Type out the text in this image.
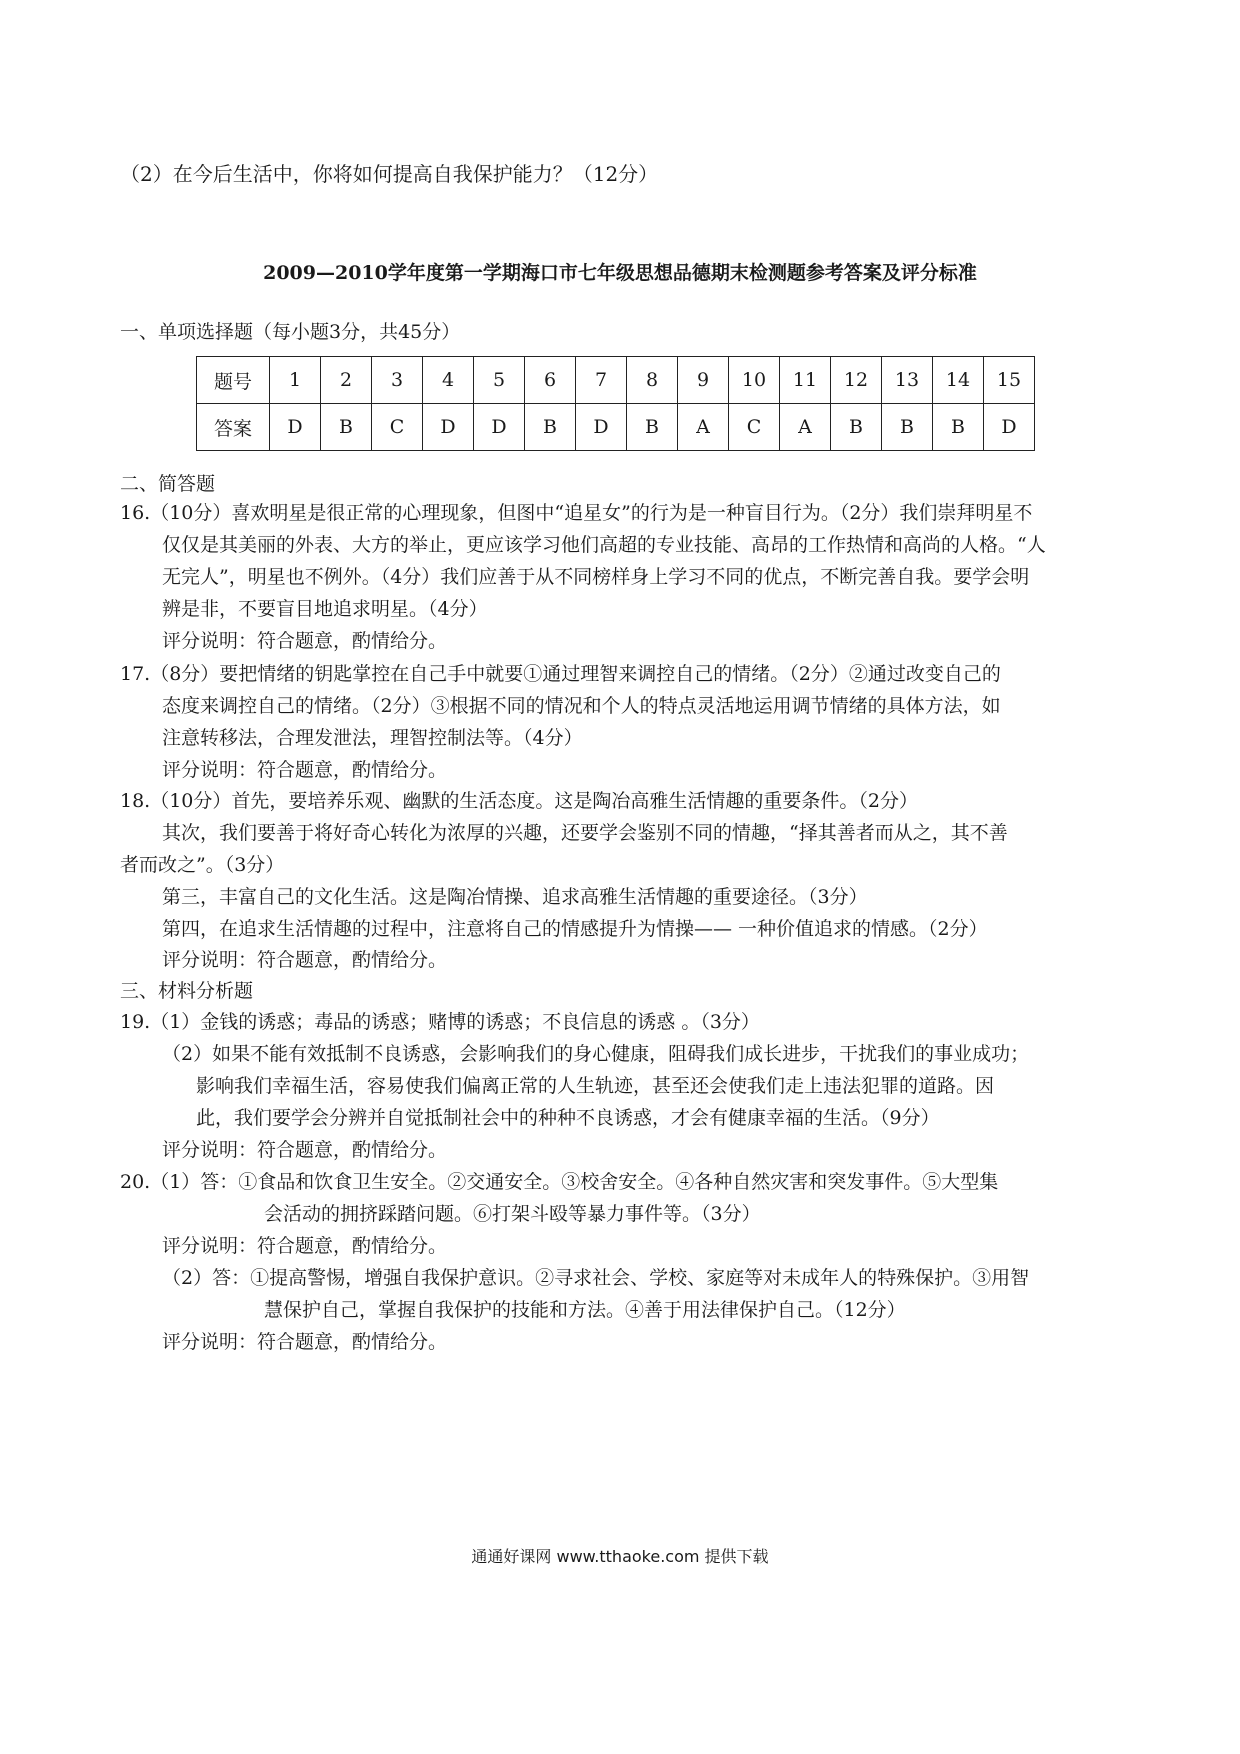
（2）在今后生活中，你将如何提高自我保护能力？（12分）
2009—2010学年度第一学期海口市七年级思想品德期末检测题参考答案及评分标准
一、单项选择题（每小题3分，共45分）
题号	1	2	3	4	5	6	7	8	9	10	11	12	13	14	15
答案	D	B	C	D	D	B	D	B	A	C	A	B	B	B	D
二、简答题
16.（10分）喜欢明星是很正常的心理现象，但图中“追星女”的行为是一种盲目行为。（2分）我们崇拜明星不
仅仅是其美丽的外表、大方的举止，更应该学习他们高超的专业技能、高昂的工作热情和高尚的人格。“人
无完人”，明星也不例外。（4分）我们应善于从不同榜样身上学习不同的优点，不断完善自我。要学会明
辨是非，不要盲目地追求明星。（4分）
评分说明：符合题意，酌情给分。
17.（8分）要把情绪的钥匙掌控在自己手中就要①通过理智来调控自己的情绪。（2分）②通过改变自己的
态度来调控自己的情绪。（2分）③根据不同的情况和个人的特点灵活地运用调节情绪的具体方法，如
注意转移法，合理发泄法，理智控制法等。（4分）
评分说明：符合题意，酌情给分。
18.（10分）首先，要培养乐观、幽默的生活态度。这是陶冶高雅生活情趣的重要条件。（2分）
其次，我们要善于将好奇心转化为浓厚的兴趣，还要学会鉴别不同的情趣，“择其善者而从之，其不善
者而改之”。（3分）
第三，丰富自己的文化生活。这是陶冶情操、追求高雅生活情趣的重要途径。（3分）
第四，在追求生活情趣的过程中，注意将自己的情感提升为情操—— 一种价值追求的情感。（2分）
评分说明：符合题意，酌情给分。
三、材料分析题
19.（1）金钱的诱惑；毒品的诱惑；赌博的诱惑；不良信息的诱惑 。（3分）
（2）如果不能有效抵制不良诱惑，会影响我们的身心健康，阻碍我们成长进步，干扰我们的事业成功；
影响我们幸福生活，容易使我们偏离正常的人生轨迹，甚至还会使我们走上违法犯罪的道路。因
此，我们要学会分辨并自觉抵制社会中的种种不良诱惑，才会有健康幸福的生活。（9分）
评分说明：符合题意，酌情给分。
20.（1）答：①食品和饮食卫生安全。②交通安全。③校舍安全。④各种自然灾害和突发事件。⑤大型集
会活动的拥挤踩踏问题。⑥打架斗殴等暴力事件等。（3分）
评分说明：符合题意，酌情给分。
（2）答：①提高警惕，增强自我保护意识。②寻求社会、学校、家庭等对未成年人的特殊保护。③用智
慧保护自己，掌握自我保护的技能和方法。④善于用法律保护自己。（12分）
评分说明：符合题意，酌情给分。
通通好课网 www.tthaoke.com 提供下载
